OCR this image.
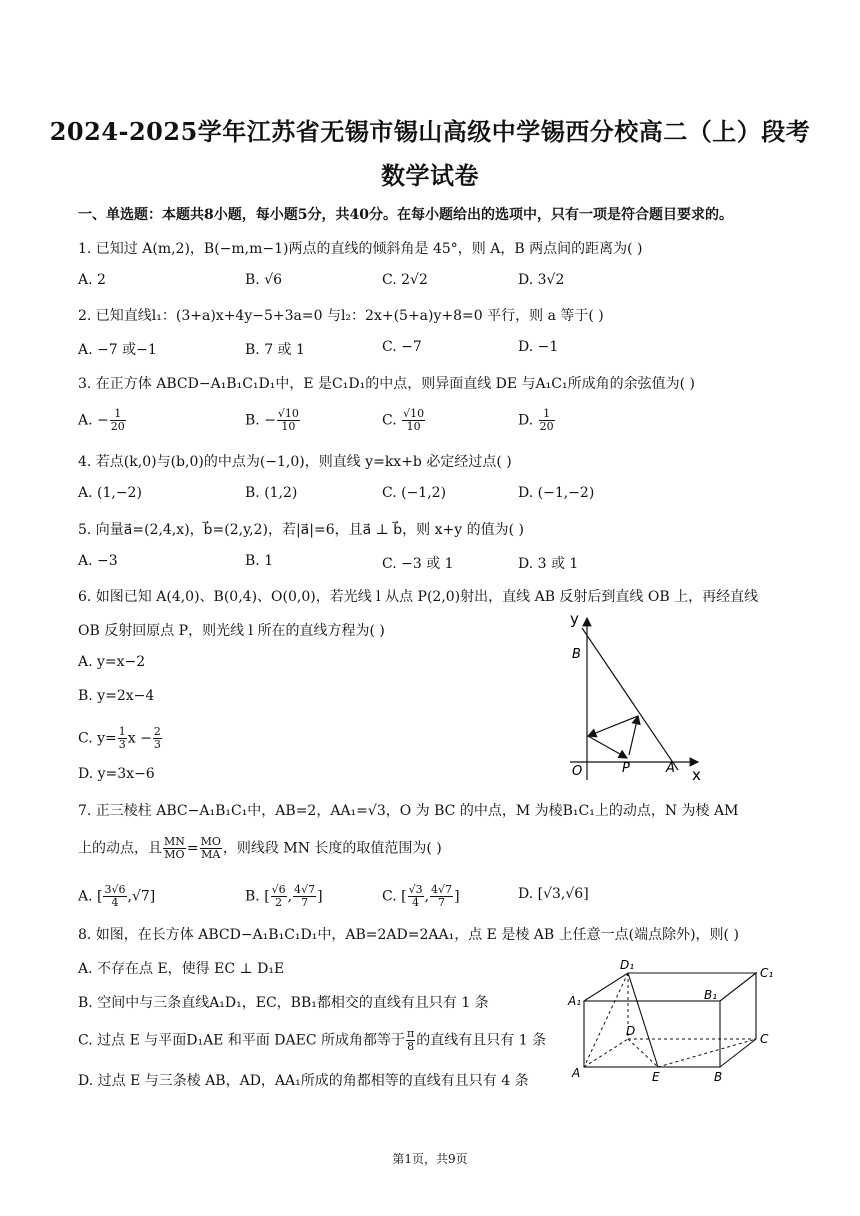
2024-2025学年江苏省无锡市锡山高级中学锡西分校高二（上）段考
数学试卷
一、单选题：本题共8小题，每小题5分，共40分。在每小题给出的选项中，只有一项是符合题目要求的。
1. 已知过 A(m,2)，B(−m,m−1)两点的直线的倾斜角是 45°，则 A，B 两点间的距离为( )
A. 2	B. √6	C. 2√2	D. 3√2
2. 已知直线l₁：(3+a)x+4y−5+3a=0 与l₂：2x+(5+a)y+8=0 平行，则 a 等于( )
A. −7 或−1	B. 7 或 1	C. −7	D. −1
3. 在正方体 ABCD−A₁B₁C₁D₁中，E 是C₁D₁的中点，则异面直线 DE 与A₁C₁所成角的余弦值为( )
A. − $\frac{1}{20}$	B. − $\frac{√10}{10}$	C. $\frac{√10}{10}$	D. $\frac{1}{20}$
4. 若点(k,0)与(b,0)的中点为(−1,0)，则直线 y=kx+b 必定经过点( )
A. (1,−2)	B. (1,2)	C. (−1,2)	D. (−1,−2)
5. 向量a⃗=(2,4,x)，b⃗=(2,y,2)，若|a⃗|=6，且a⃗ ⊥ b⃗，则 x+y 的值为( )
A. −3	B. 1	C. −3 或 1	D. 3 或 1
6. 如图已知 A(4,0)、B(0,4)、O(0,0)，若光线 l 从点 P(2,0)射出，直线 AB 反射后到直线 OB 上，再经直线
OB 反射回原点 P，则光线 l 所在的直线方程为( )
A. y=x−2
B. y=2x−4
C. $y= \frac{1}{3}$ $x - \frac{2}{3}$
D. y=3x−6
y
B
O	P	A x
7. 正三棱柱 ABC−A₁B₁C₁中，AB=2，AA₁=√3，O 为 BC 的中点，M 为棱B₁C₁上的动点，N 为棱 AM
上的动点，且 $\frac{MN}{MO} = \frac{MO}{MA}$ ，则线段 MN 长度的取值范围为( )
A. [ $\frac{3√6}{4} ,√7$]	B. [ $\frac{√6}{2}$ , $\frac{4√7}{7}$ ]	C. [ $\frac{√3}{4}$ , $\frac{4√7}{7}$ ]	D. [√3,√6]
8. 如图，在长方体 ABCD−A₁B₁C₁D₁中，AB=2AD=2AA₁，点 E 是棱 AB 上任意一点(端点除外)，则( )
A. 不存在点 E，使得 EC ⊥ D₁E
B. 空间中与三条直线A₁D₁，EC，BB₁都相交的直线有且只有 1 条
C. 过点 E 与平面D₁AE 和平面 DAEC 所成角都等于 $\frac{\pi}{8}$ 的直线有且只有 1 条
D. 过点 E 与三条棱 AB，AD，AA₁所成的角都相等的直线有且只有 4 条
D₁
C₁
A₁	B₁
D
C
A	E	B
第1页，共9页
